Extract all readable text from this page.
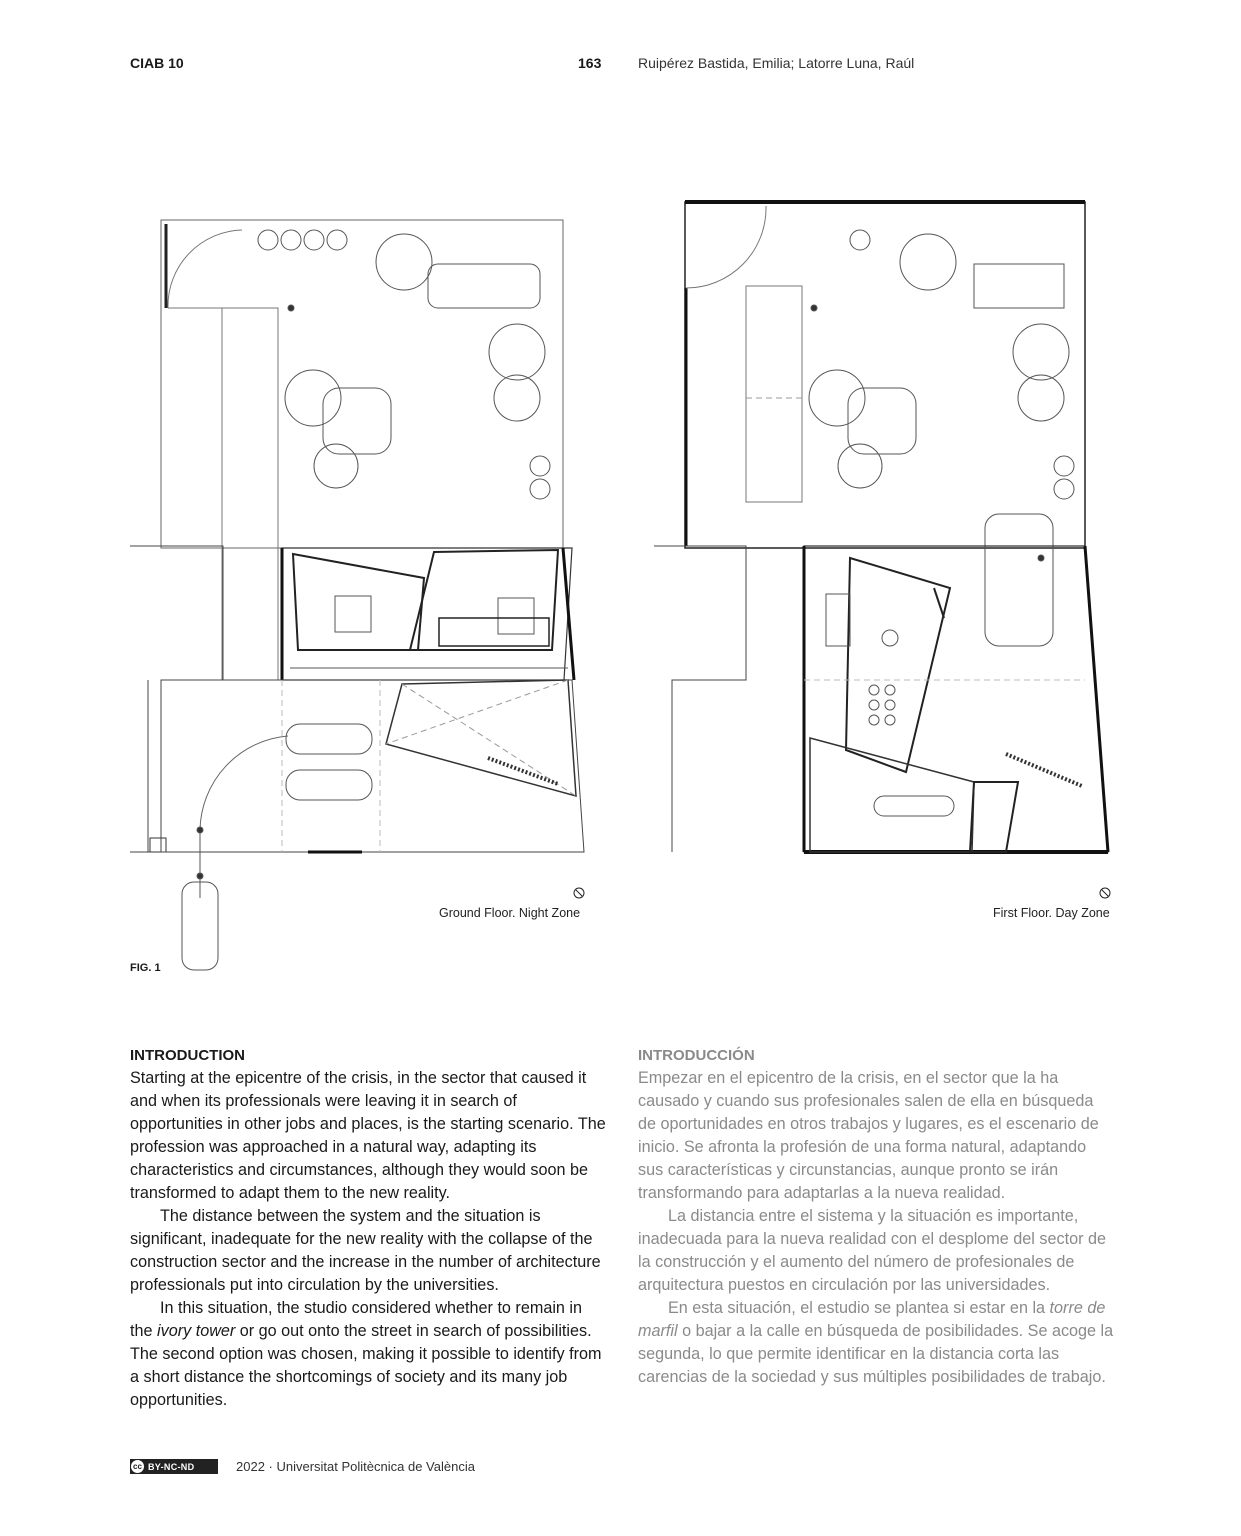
CIAB 10	163	Ruipérez Bastida, Emilia; Latorre Luna, Raúl
Ground Floor. Night Zone	First Floor. Day Zone
FIG. 1
INTRODUCTION

Starting at the epicentre of the crisis, in the sector that caused it and when its professionals were leaving it in search of opportunities in other jobs and places, is the starting scenario. The profession was approached in a natural way, adapting its characteristics and circumstances, although they would soon be transformed to adapt them to the new reality.

The distance between the system and the situation is significant, inadequate for the new reality with the collapse of the construction sector and the increase in the number of architecture professionals put into circulation by the universities.

In this situation, the studio considered whether to remain in the ivory tower or go out onto the street in search of possibilities. The second option was chosen, making it possible to identify from a short distance the shortcomings of society and its many job opportunities.

INTRODUCCIÓN

Empezar en el epicentro de la crisis, en el sector que la ha causado y cuando sus profesionales salen de ella en búsqueda de oportunidades en otros trabajos y lugares, es el escenario de inicio. Se afronta la profesión de una forma natural, adaptando sus características y circunstancias, aunque pronto se irán transformando para adaptarlas a la nueva realidad.

La distancia entre el sistema y la situación es importante, inadecuada para la nueva realidad con el desplome del sector de la construcción y el aumento del número de profesionales de arquitectura puestos en circulación por las universidades.

En esta situación, el estudio se plantea si estar en la torre de marfil o bajar a la calle en búsqueda de posibilidades. Se acoge la segunda, lo que permite identificar en la distancia corta las carencias de la sociedad y sus múltiples posibilidades de trabajo.

cc BY-NC-ND	2022 · Universitat Politècnica de València
